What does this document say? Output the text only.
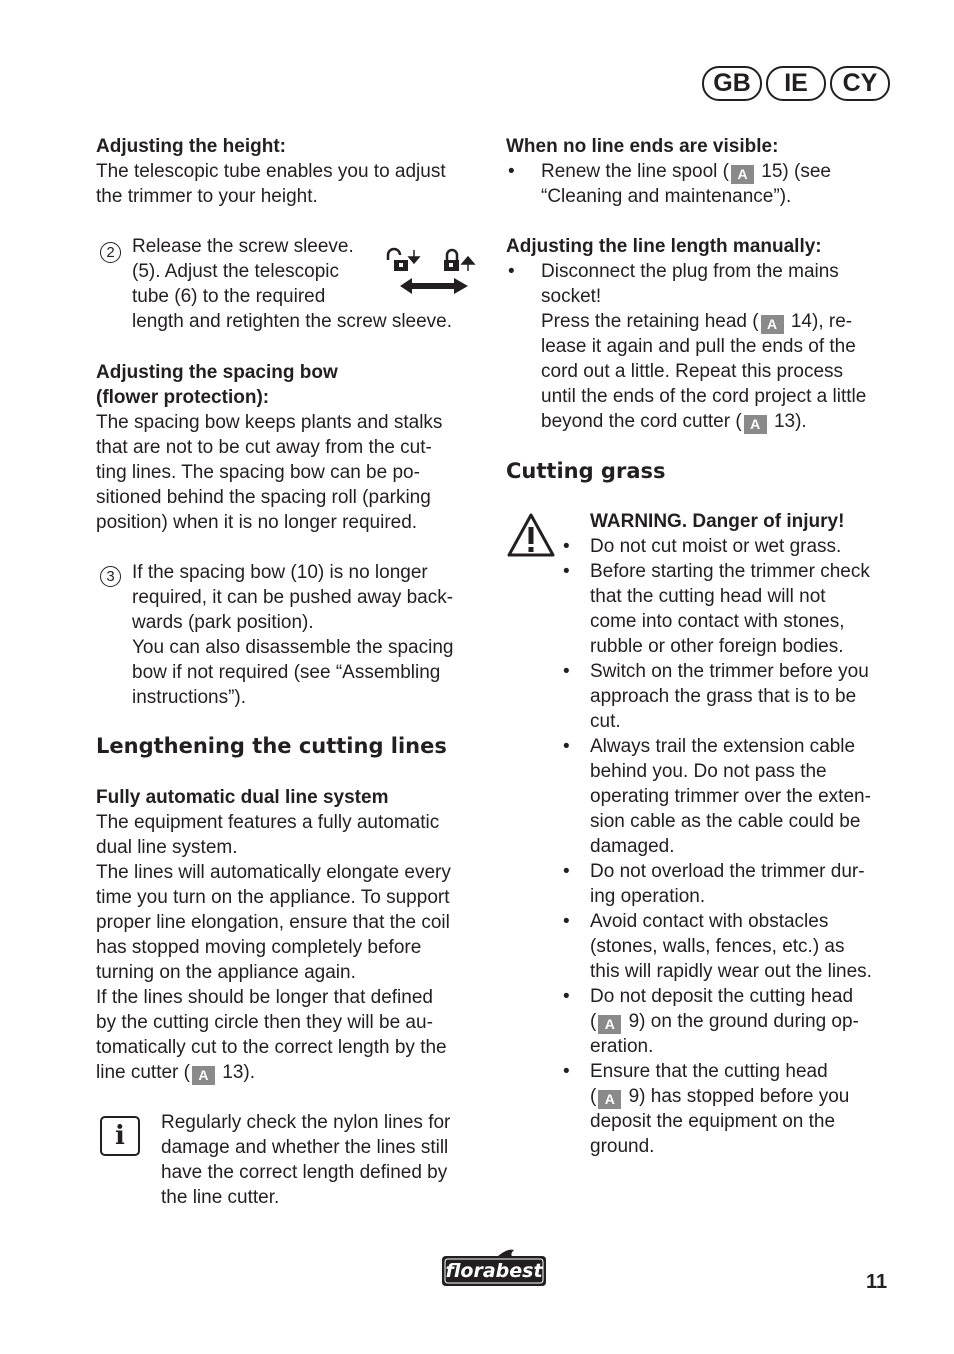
GB	IE	CY

Adjusting the height:

The telescopic tube enables you to adjust

the trimmer to your height.

2 Release the screw sleeve.

(5). Adjust the telescopic

tube (6) to the required

length and retighten the screw sleeve.

Adjusting the spacing bow

(flower protection):

The spacing bow keeps plants and stalks

that are not to be cut away from the cut-

ting lines. The spacing bow can be po-

sitioned behind the spacing roll (parking

position) when it is no longer required.

3 If the spacing bow (10) is no longer

required, it can be pushed away back-

wards (park position).

You can also disassemble the spacing

bow if not required (see “Assembling

instructions”).

Lengthening the cutting lines

Fully automatic dual line system

The equipment features a fully automatic

dual line system.

The lines will automatically elongate every

time you turn on the appliance. To support

proper line elongation, ensure that the coil

has stopped moving completely before

turning on the appliance again.

If the lines should be longer that defined

by the cutting circle then they will be au-

tomatically cut to the correct length by the

line cutter ( A 13).

i	Regularly check the nylon lines for

damage and whether the lines still

have the correct length defined by

the line cutter.

When no line ends are visible:
•	Renew the line spool ( A 15) (see

“Cleaning and maintenance”).

Adjusting the line length manually:
•	Disconnect the plug from the mains

socket!

Press the retaining head ( A 14), re-

lease it again and pull the ends of the

cord out a little. Repeat this process

until the ends of the cord project a little

beyond the cord cutter ( A 13).

Cutting grass
WARNING. Danger of injury!
•	Do not cut moist or wet grass.

•	Before starting the trimmer check

that the cutting head will not

come into contact with stones,

rubble or other foreign bodies.

•	Switch on the trimmer before you

approach the grass that is to be

cut.

•	Always trail the extension cable

behind you. Do not pass the

operating trimmer over the exten-

sion cable as the cable could be

damaged.

•	Do not overload the trimmer dur-

ing operation.

•	Avoid contact with obstacles

(stones, walls, fences, etc.) as

this will rapidly wear out the lines.

•	Do not deposit the cutting head

( A 9) on the ground during op-

eration.

•	Ensure that the cutting head

( A 9) has stopped before you

deposit the equipment on the

ground.

florabest	11
